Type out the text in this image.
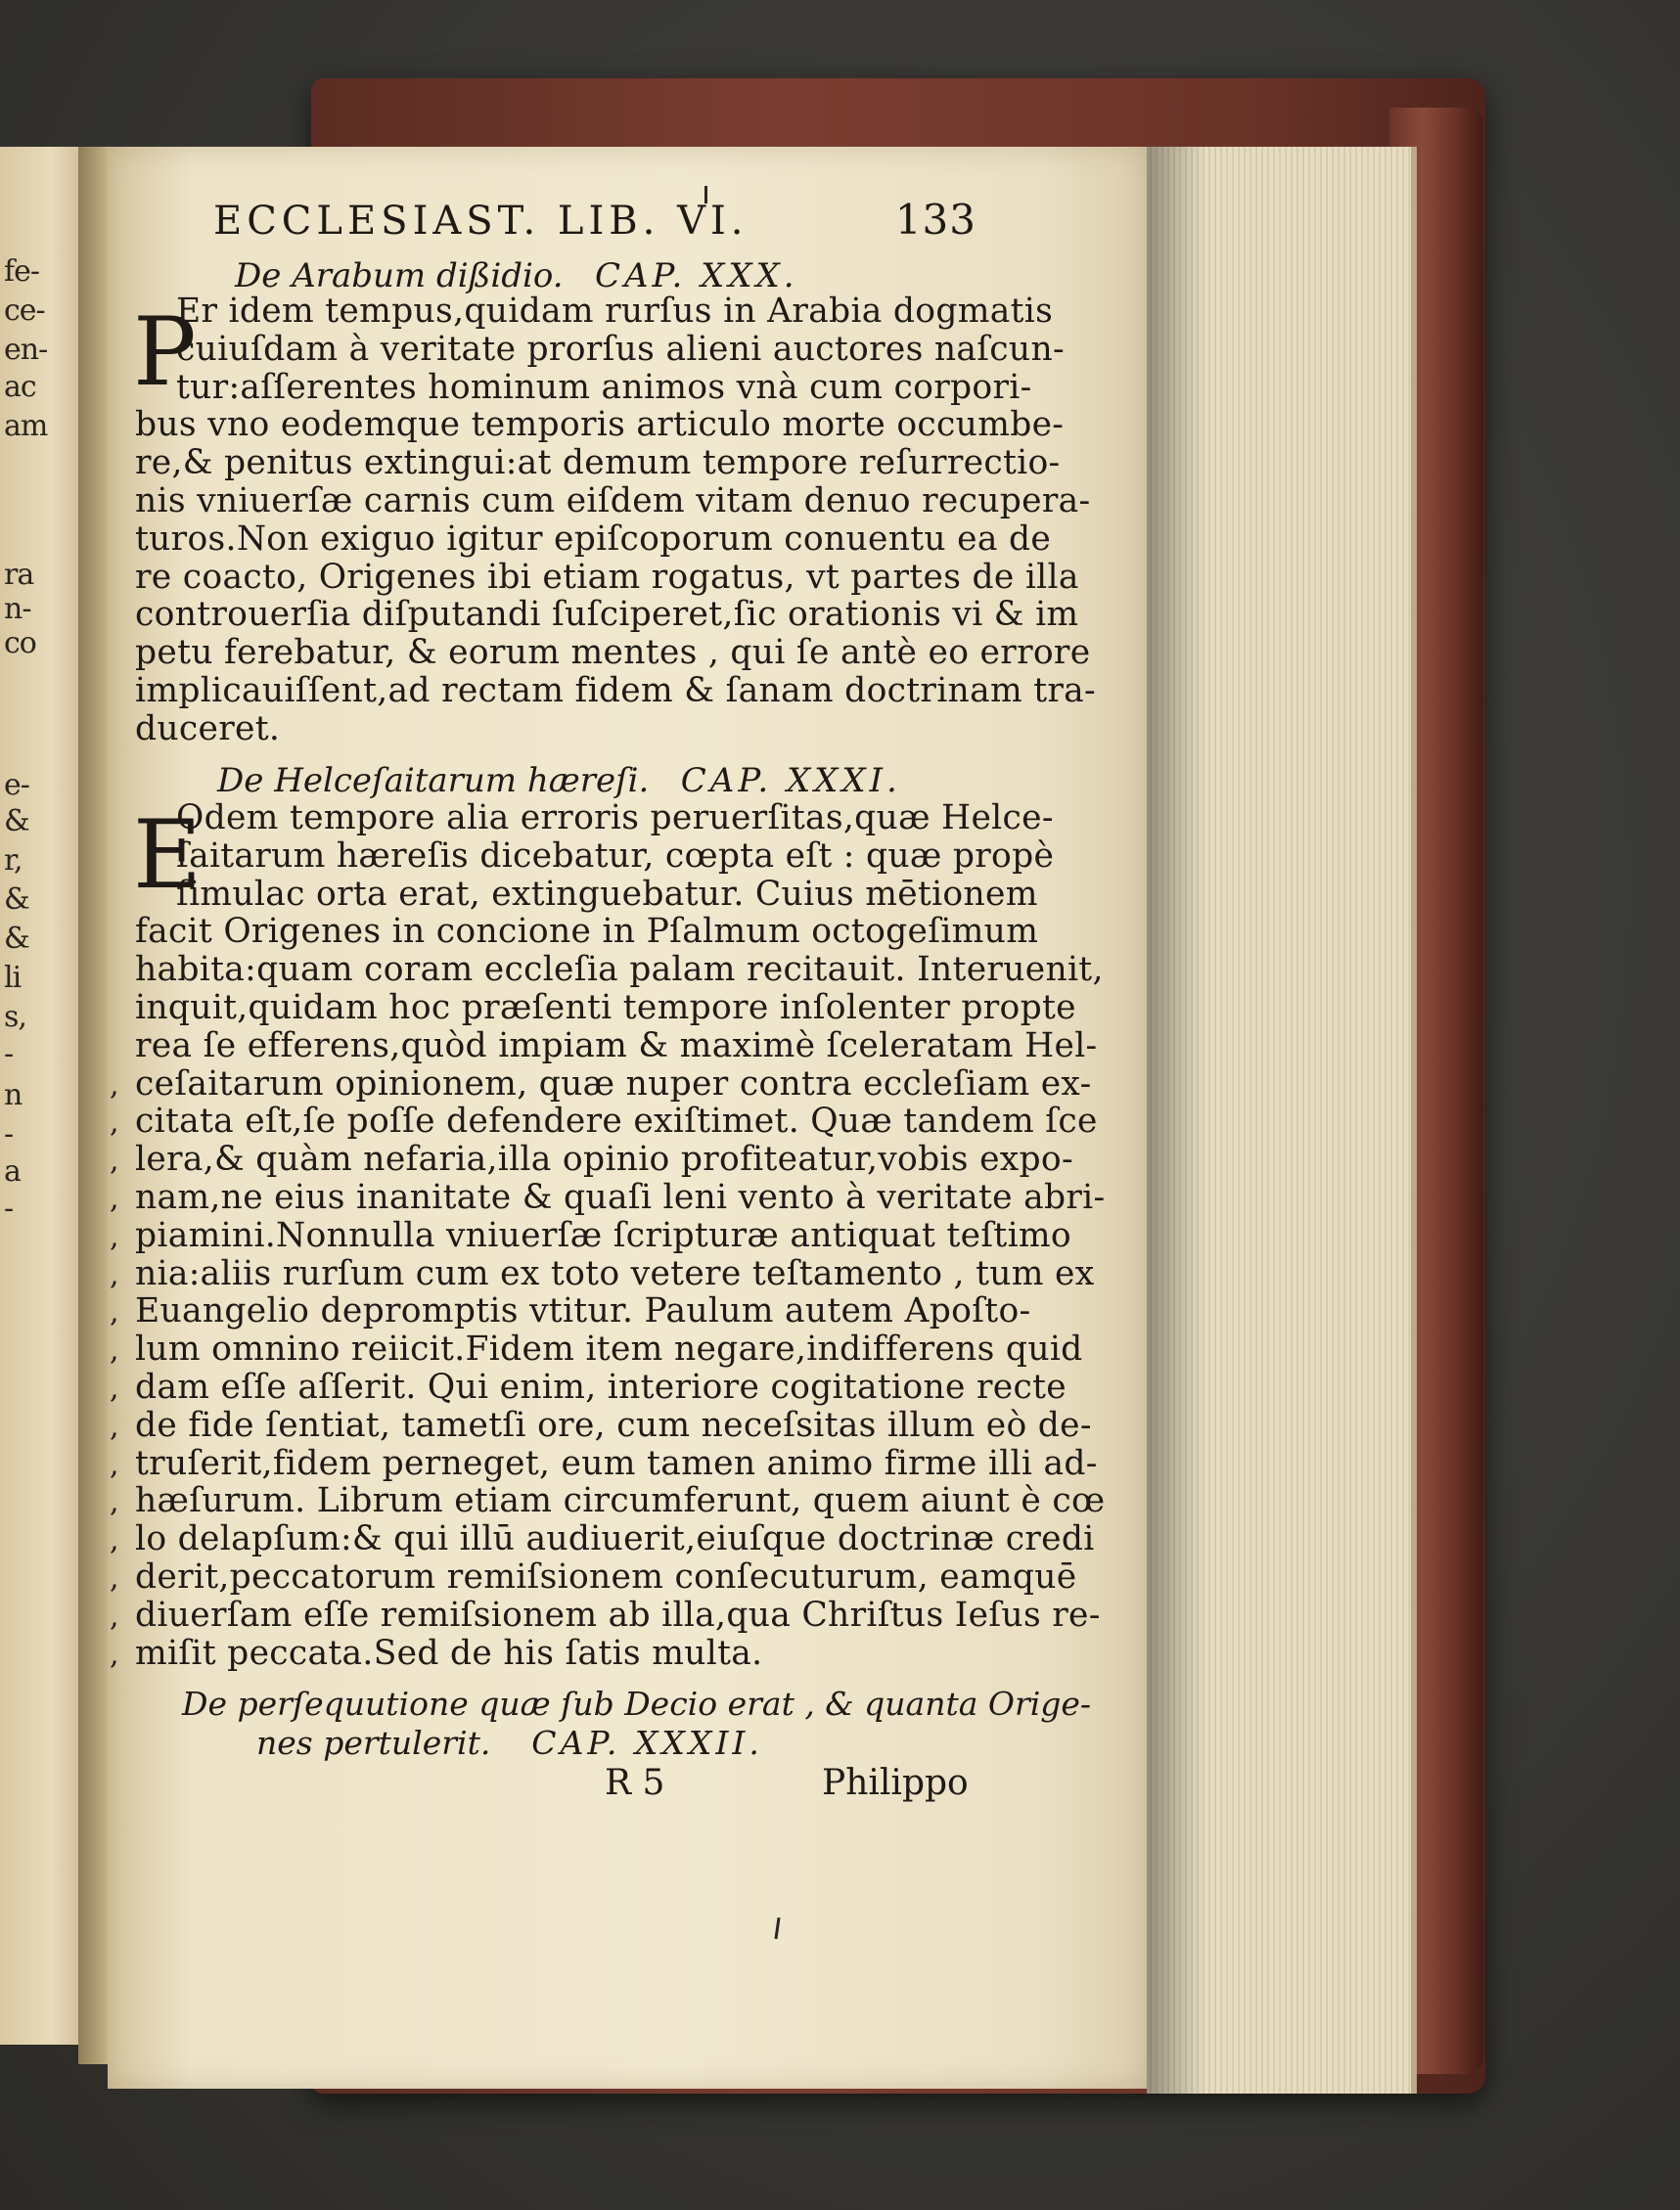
fe-
ce-
en-
ac
am
ra
n-
co
e-
&
r,
&
&
li
s,
-
n
-
a
-
ECCLESIAST. LIB. VI.	133
De Arabum dißidio. CAP. XXX.
P
Er idem tempus,quidam rurſus in Arabia dogmatis
cuiuſdam à veritate prorſus alieni auctores naſcun-
tur:aſſerentes hominum animos vnà cum corpori-
bus vno eodemque temporis articulo morte occumbe-
re,& penitus extingui:at demum tempore reſurrectio-
nis vniuerſæ carnis cum eiſdem vitam denuo recupera-
turos.Non exiguo igitur epiſcoporum conuentu ea de
re coacto, Origenes ibi etiam rogatus, vt partes de illa
controuerſia diſputandi ſuſciperet,ſic orationis vi & im
petu ferebatur, & eorum mentes , qui ſe antè eo errore
implicauiſſent,ad rectam fidem & ſanam doctrinam tra-
duceret.
De Helceſaitarum hæreſi. CAP. XXXI.
E
Odem tempore alia erroris peruerſitas,quæ Helce-
ſaitarum hæreſis dicebatur, cœpta eſt : quæ propè
ſimulac orta erat, extinguebatur. Cuius mētionem
facit Origenes in concione in Pſalmum octogeſimum
habita:quam coram eccleſia palam recitauit. Interuenit,
inquit,quidam hoc præſenti tempore inſolenter propte
rea ſe efferens,quòd impiam & maximè ſceleratam Hel-
ceſaitarum opinionem, quæ nuper contra eccleſiam ex-
citata eſt,ſe poſſe defendere exiſtimet. Quæ tandem ſce
lera,& quàm nefaria,illa opinio profiteatur,vobis expo-
nam,ne eius inanitate & quaſi leni vento à veritate abri-
piamini.Nonnulla vniuerſæ ſcripturæ antiquat teſtimo
nia:aliis rurſum cum ex toto vetere teſtamento , tum ex
Euangelio depromptis vtitur. Paulum autem Apoſto-
lum omnino reiicit.Fidem item negare,indifferens quid
dam eſſe aſſerit. Qui enim, interiore cogitatione recte
de fide ſentiat, tametſi ore, cum neceſsitas illum eò de-
truſerit,fidem perneget, eum tamen animo firme illi ad-
hæſurum. Librum etiam circumferunt, quem aiunt è cœ
lo delapſum:& qui illū audiuerit,eiuſque doctrinæ credi
derit,peccatorum remiſsionem conſecuturum, eamquē
diuerſam eſſe remiſsionem ab illa,qua Chriſtus Ieſus re-
miſit peccata.Sed de his ſatis multa.
,
,
,
,
,
,
,
,
,
,
,
,
,
,
,
,
De perſequutione quæ ſub Decio erat , & quanta Orige-
nes pertulerit. CAP. XXXII.
R 5	Philippo
